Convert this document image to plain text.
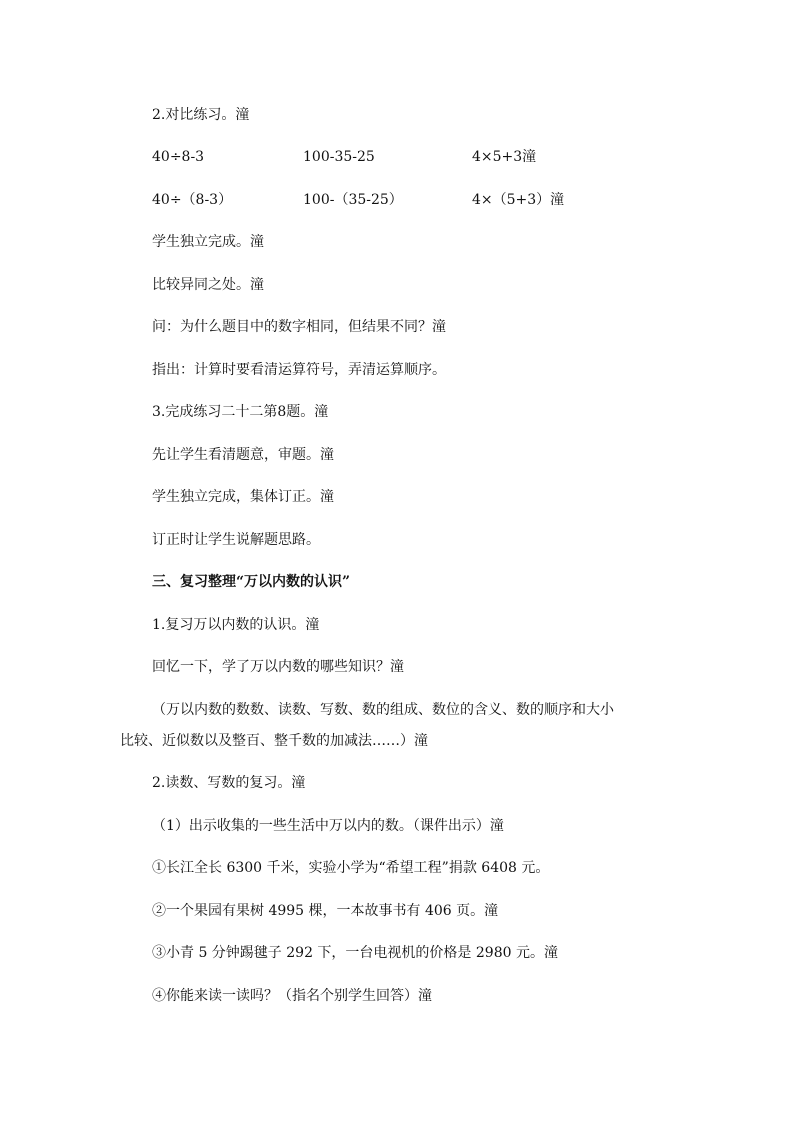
2.对比练习。潼
40÷8-3	100-35-25	4×5+3潼
40÷（8-3）	100-（35-25）	4×（5+3）潼
学生独立完成。潼
比较异同之处。潼
问：为什么题目中的数字相同，但结果不同？潼
指出：计算时要看清运算符号，弄清运算顺序。
3.完成练习二十二第8题。潼
先让学生看清题意，审题。潼
学生独立完成，集体订正。潼
订正时让学生说解题思路。
三、复习整理“万以内数的认识”
1.复习万以内数的认识。潼
回忆一下，学了万以内数的哪些知识？潼
（万以内数的数数、读数、写数、数的组成、数位的含义、数的顺序和大小
比较、近似数以及整百、整千数的加减法……）潼
2.读数、写数的复习。潼
（1）出示收集的一些生活中万以内的数。（课件出示）潼
①长江全长 6300 千米，实验小学为“希望工程”捐款 6408 元。
②一个果园有果树 4995 棵，一本故事书有 406 页。潼
③小青 5 分钟踢毽子 292 下，一台电视机的价格是 2980 元。潼
④你能来读一读吗？（指名个别学生回答）潼
